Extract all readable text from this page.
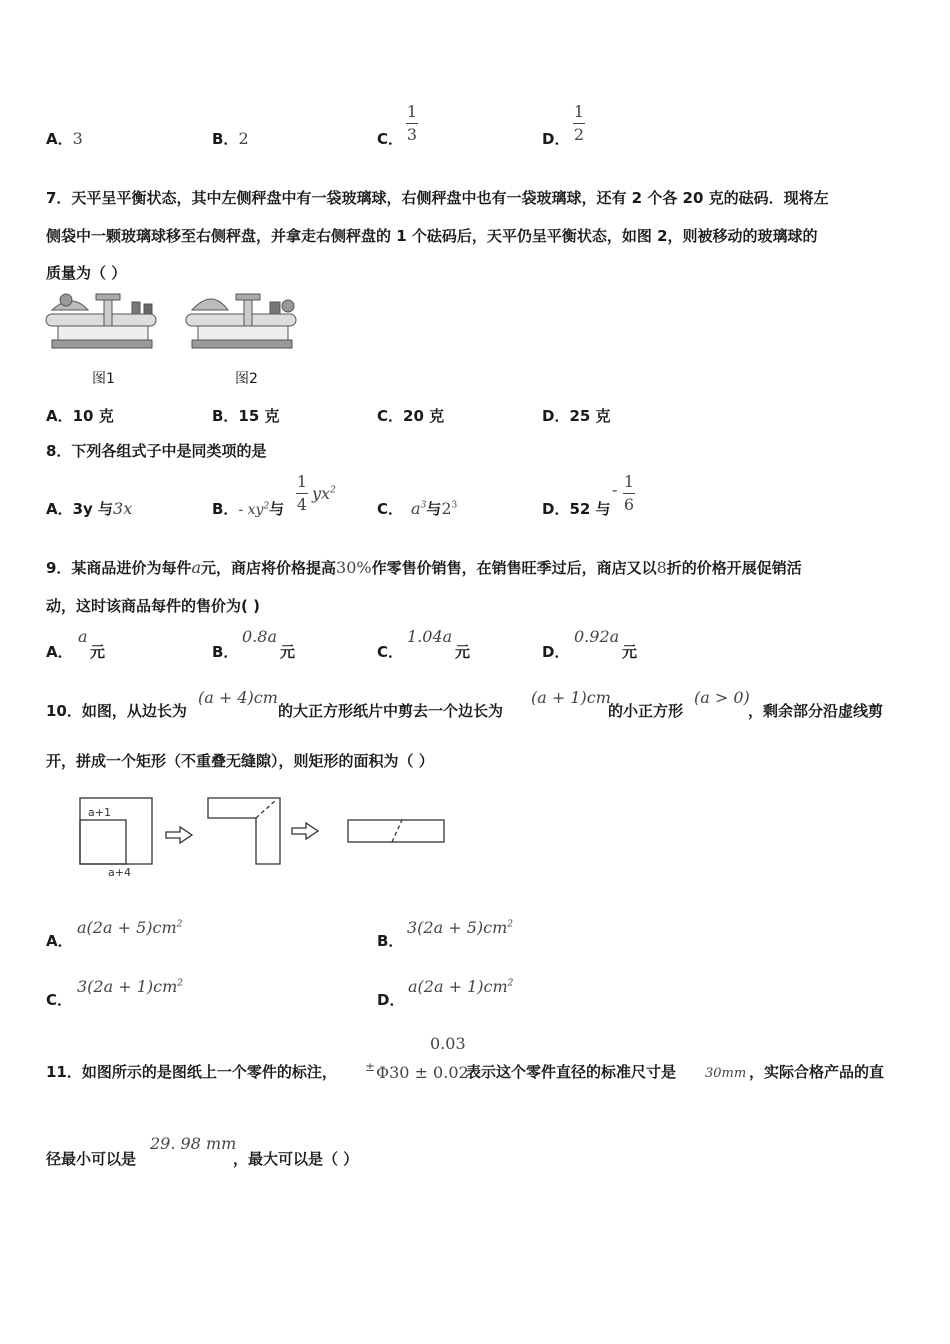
A．3	B．2	C．
1
3	D．
1
2
7．天平呈平衡状态，其中左侧秤盘中有一袋玻璃球，右侧秤盘中也有一袋玻璃球，还有 2 个各 20 克的砝码．现将左
侧袋中一颗玻璃球移至右侧秤盘，并拿走右侧秤盘的 1 个砝码后，天平仍呈平衡状态，如图 2，则被移动的玻璃球的
质量为（ ）
图1	图2
A．10 克	B．15 克	C．20 克	D．25 克
8．下列各组式子中是同类项的是
A．3y 与3x	B．- $xy^2$与
1
4
$yx^2$
C． $a^3$与$2^3$	D．52 与
- 1
6
9．某商品进价为每件a元，商店将价格提高30%作零售价销售，在销售旺季过后，商店又以8折的价格开展促销活
动，这时该商品每件的售价为( )
A．
a
元	B．
0.8a
元	C．
1.04a
元	D．
0.92a
元
10．如图，从边长为
(a + 4)cm
的大正方形纸片中剪去一个边长为
(a + 1)cm
的小正方形
(a > 0)
，剩余部分沿虚线剪
开，拼成一个矩形（不重叠无缝隙），则矩形的面积为（ ）
a+1
a+4
A．
$a(2a + 5)cm^2$
B．
$3(2a + 5)cm^2$
C．
$3(2a + 1)cm^2$
D．
$a(2a + 1)cm^2$
0.03
11．如图所示的是图纸上一个零件的标注， ± Φ30 ± 0.02
表示这个零件直径的标准尺寸是 30mm ，实际合格产品的直
径最小可以是
29. 98 mm
，最大可以是（ ）
